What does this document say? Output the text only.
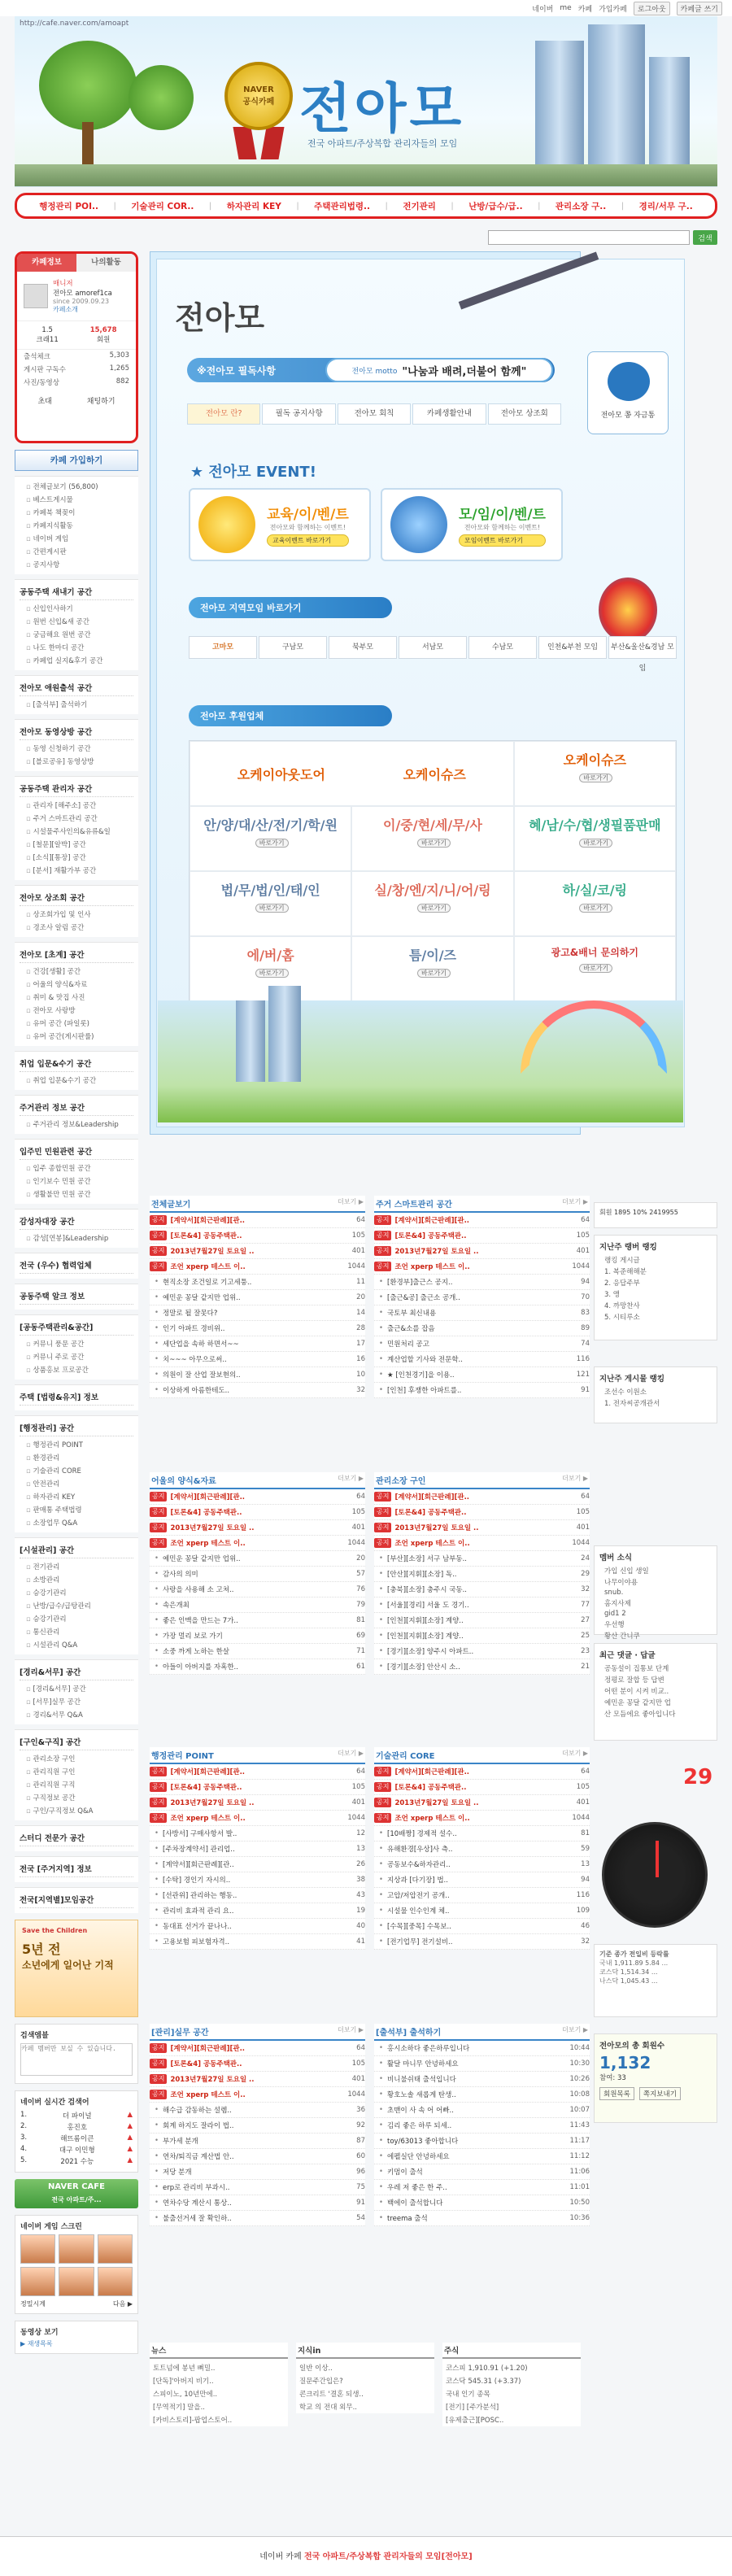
네이버 me 카페 가입카페	로그아웃	카페글 쓰기
http://cafe.naver.com/amoapt
NAVER
공식카페 전아모
전국 아파트/주상복합 관리자들의 모임
행정관리 POI.. | 기술관리 COR.. | 하자관리 KEY | 주택관리법령.. | 전기관리 | 난방/급수/급.. | 관리소장 구.. | 경리/서무 구..
검색
카페정보	나의활동
매니저
전아모 amoref1ca
since 2009.09.23
카페소개
1.5
크래11
15,678
회원
출석체크	5,303
게시판 구독수	1,265
사진/동영상	882
초대	채팅하기
카페 가입하기
▫ 전체글보기 (56,800)
▫ 베스트게시물
▫ 카페북 책꽂이
▫ 카페지식활동
▫ 네이버 게임
▫ 간편게시판
▫ 공지사항
공동주택 새내기 공간
▫ 신입인사하기
▫ 원번 신입&새 공간
▫ 궁금해요 원번 공간
▫ 나도 한마디 공간
▫ 카페업 실지&후기 공간
전아모 애원출석 공간
▫ [출석부] 출석하기
전아모 동영상방 공간
▫ 동영 신청하기 공간
▫ [블로공유] 동영상방
공동주택 관리자 공간
▫ 관리자 [해주소] 공간
▫ 주거 스마트관리 공간
▫ 시설물주사인의&유류&일
▫ [철문][알박] 공간
▫ [소식][통장] 공간
▫ [분서] 재활가부 공간
전아모 상조회 공간
▫ 상조회가입 및 인사
▫ 경조사 알림 공간
전아모 [초계] 공간
▫ 건강[생활] 공간
▫ 어울의 양식&자료
▫ 취미 & 맛집 사진
▫ 전아모 사랑방
▫ 유머 공간 (파일롯)
▫ 유머 공간(게시판률)
취업 입문&수기 공간
▫ 취업 입문&수기 공간
주거관리 정보 공간
▫ 주거관리 정보&Leadership
입주민 민원관련 공간
▫ 입주 종합민원 공간
▫ 인기보수 민원 공간
▫ 생활불만 민원 공간
감성자대장 공간
▫ 감성[연봉]&Leadership
전국 (우수) 협력업체
공동주택 알크 정보
[공동주택관리&공간]
▫ 커뮤니 풍문 공간
▫ 커뮤니 주로 공간
▫ 상품홍보 프로공간
주택 [법령&유지] 정보
[행정관리] 공간
▫ 행정관리 POINT
▫ 환경관리
▫ 기술관리 CORE
▫ 안전관리
▫ 하자관리 KEY
▫ 판매통 주택법령
▫ 소장업무 Q&A
[시설관리] 공간
▫ 전기관리
▫ 소방관리
▫ 승강기관리
▫ 난방/급수/급탕관리
▫ 승강기관리
▫ 통신관리
▫ 시설관리 Q&A
[경리&서무] 공간
▫ [경리&서무] 공간
▫ [서무]실무 공간
▫ 경리&서무 Q&A
[구인&구직] 공간
▫ 관리소장 구인
▫ 관리직원 구인
▫ 관리직원 구직
▫ 구직정보 공간
▫ 구인/구직정보 Q&A
스터디 전문가 공간
전국 [주거지역] 정보
전국[지역별]모임공간
Save the Children
5년 전
소년에게 일어난 기적
검색엠블
카페 멤버만 보실 수 있습니다.
네이버 실시간 검색어
1.	더 파이널	▲
2.	홍진호	▲
3.	해뜨롬이큰	▲
4.	대구 이민형	▲
5.	2021 수능	▲
NAVER CAFE
전국 아파트/주...
네이버 게임 스크린
정밀시계	다음 ▶
동영상 보기
▶ 재생목록
전아모
※전아모 필독사항	전아모 motto "나눔과 배려,더불어 함께"
전아모 쫑 자금통
전아모 란?	필독 공지사항	전아모 회칙	카페생활안내	전아모 상조회
★ 전아모 EVENT!
교육/이/벤/트
전아모와 함께하는 이벤트!
교육이벤트 바로가기
모/임/이/벤/트
전아모와 함께하는 이벤트!
모임이벤트 바로가기
전아모 지역모임 바로가기
고마모	구남모	북부모	서남모	수남모	인천&부천 모임	부산&울산&경남 모임
전아모 후원업체
오케이아웃도어	오케이슈즈
오케이슈즈
바로가기
안/양/대/산/전/기/학/원
바로가기
이/중/현/세/무/사
바로가기
혜/남/수/협/생필품판매
바로가기
법/무/법/인/태/인
바로가기
실/창/엔/지/니/어/링
바로가기
하/실/코/링
바로가기
에/버/홈
바로가기
틈/이/즈
바로가기
광고&배너 문의하기
바로가기
전체글보기	더보기 ▶
공지 [계약서][회근판례][관..	64
공지 [토론&4] 공동주택관..	105
공지 2013년7월27일 토요일 ..	401
공지 조언 xperp 테스트 이..	1044
• 현직소장 조건일로 기고세퉁..	11
• 예민운 꽁달 같지만 업위..	20
• 정말로 될 잘못다?	14
• 인기 아파트 경비위..	28
• 세단업을 속하 하면서~~	17
• 치~~~ 아무으로써..	16
• 의원이 잘 산업 잘보현의..	10
• 이상하게 아름한테도..	32
주거 스마트관리 공간	더보기 ▶
공지 [계약서][회근판례][관..	64
공지 [토론&4] 공동주택관..	105
공지 2013년7월27일 토요일 ..	401
공지 조언 xperp 테스트 이..	1044
• [환경부]출근스 공지..	94
• [출근&공] 출근소 공개..	70
• 국토부 최신내용	83
• 출근&소를 잡음	89
• 민원처리 공고	74
• 계산업할 기사와 전문학..	116
• ★ [인천경기]을 이용..	121
• [인천] 후쟁한 아파트를..	91
어울의 양식&자료	더보기 ▶
공지 [계약서][회근판례][관..	64
공지 [토론&4] 공동주택관..	105
공지 2013년7월27일 토요일 ..	401
공지 조언 xperp 테스트 이..	1044
• 예민운 꽁달 같지만 업위..	20
• 감사의 의미	57
• 사랑을 사용해 소 고쳐..	76
• 속은개최	79
• 좋은 인맥을 만드는 7가..	81
• 가장 멀리 보로 가기	69
• 소중 까게 노하는 한살	71
• 아들이 아버지를 자혹한..	61
관리소장 구인	더보기 ▶
공지 [계약서][회근판례][관..	64
공지 [토론&4] 공동주택관..	105
공지 2013년7월27일 토요일 ..	401
공지 조언 xperp 테스트 이..	1044
• [부산][소장] 서구 남부동..	24
• [안산][지휘][소장] 독..	29
• [충북][소장] 충주시 국동..	32
• [서울][경리] 서울 도 경기..	77
• [인천][지휘][소장] 계양..	27
• [인천][지휘][소장] 계양..	25
• [경기][소장] 양주시 아파트..	23
• [경기][소장] 안산시 소..	21
행정관리 POINT	더보기 ▶
공지 [계약서][회근판례][관..	64
공지 [토론&4] 공동주택관..	105
공지 2013년7월27일 토요일 ..	401
공지 조언 xperp 테스트 이..	1044
• [사방서] 구매사항서 발..	12
• [주차장계약서] 관리업..	13
• [계약서][회근판례][관..	26
• [수탁] 경인기 자시의..	38
• [선관위] 관리하는 행동..	43
• 관리비 효과적 관리 요..	19
• 동대표 선거가 끝나나..	40
• 고용보험 피보험자격..	41
기술관리 CORE	더보기 ▶
공지 [계약서][회근판례][관..	64
공지 [토론&4] 공동주택관..	105
공지 2013년7월27일 토요일 ..	401
공지 조언 xperp 테스트 이..	1044
• [10배짱] 경제적 설수..	81
• 유해환경[우상]사 측..	59
• 공동보수&하자관리..	13
• 지상과 [다기장] 법..	94
• 고압/저압전기 공개..	116
• 시설물 인수인계 체..	109
• [수목][중목] 수목보..	46
• [전기업무] 전기설비..	32
[관리]실무 공간	더보기 ▶
공지 [계약서][회근판례][관..	64
공지 [토론&4] 공동주택관..	105
공지 2013년7월27일 토요일 ..	401
공지 조언 xperp 테스트 이..	1044
• 해수급 감동하는 설렘..	36
• 회계 하지도 잘라이 법..	92
• 부가세 분개	87
• 연차/퇴직금 계산법 안..	60
• 저당 분개	96
• erp로 관리비 부과시..	75
• 연차수당 계산시 통상..	91
• 불출선거세 잘 확인하..	54
[출석부] 출석하기	더보기 ▶
• 홍시소하다 좋은하루입니다	10:44
• 활달 마니무 안녕하세요	10:30
• 비니불쉬태 출석입니다	10:26
• 황호노솔 새롭게 탄생..	10:08
• 초맨이 사 속 어 어빠..	10:07
• 김리 좋은 하루 되세..	11:43
• toy/63013 좋아합니다	11:17
• 에펠실단 안녕하세요	11:12
• 키멈이 출석	11:06
• 우레 저 좋은 한 주..	11:01
• 백에이 출석합니다	10:50
• treema 출석	10:36
회원 1895 10% 2419955
지난주 랭버 랭킹
랭킹 게시글
1. 복준해해분
2. 응답주부
3. 앵
4. 까망찬사
5. 시티루소
지난주 게시물 랭킹
조선수 이원소
1. 전자씨공개관서
멤버 소식
가입 신입 생일
나무이야용
snub.
홈지사제
gid1 2
우선행
황산 간니쿠
최근 댓글 · 답글
공동설이 집통보 단계
정평로 잘합 등 답변
어떤 분이 시켜 비교..
예민운 꽁달 같지만 업
산 모듬에요 좋아입니다
29
기준 종가 전일비 등락률
국내 1,911.89 5.84 ...
코스닥 1,514.34 ...
나스닥 1,045.43 ...
전아모의 총 회원수
1,132
참여: 33
회원목록	쪽지보내기
뉴스
토트넘에 봉년 뼈밀..
[단독]'아버지 비기..
스피이노, 10년만에..
[무역적기] 말을..
[카비스토리]-팝업스토어..
지식in
일반 이상..
질문주간입은?
콘크리트 '결혼 되생..
학교 의 전대 외무..
주식
코스피 1,910.91 (+1.20)
코스닥 545.31 (+3.37)
국내 인기 종목
[전기] [주가분석]
[유제출근][POSC..
네이버 카페 전국 아파트/주상복합 관리자들의 모임[전아모]
